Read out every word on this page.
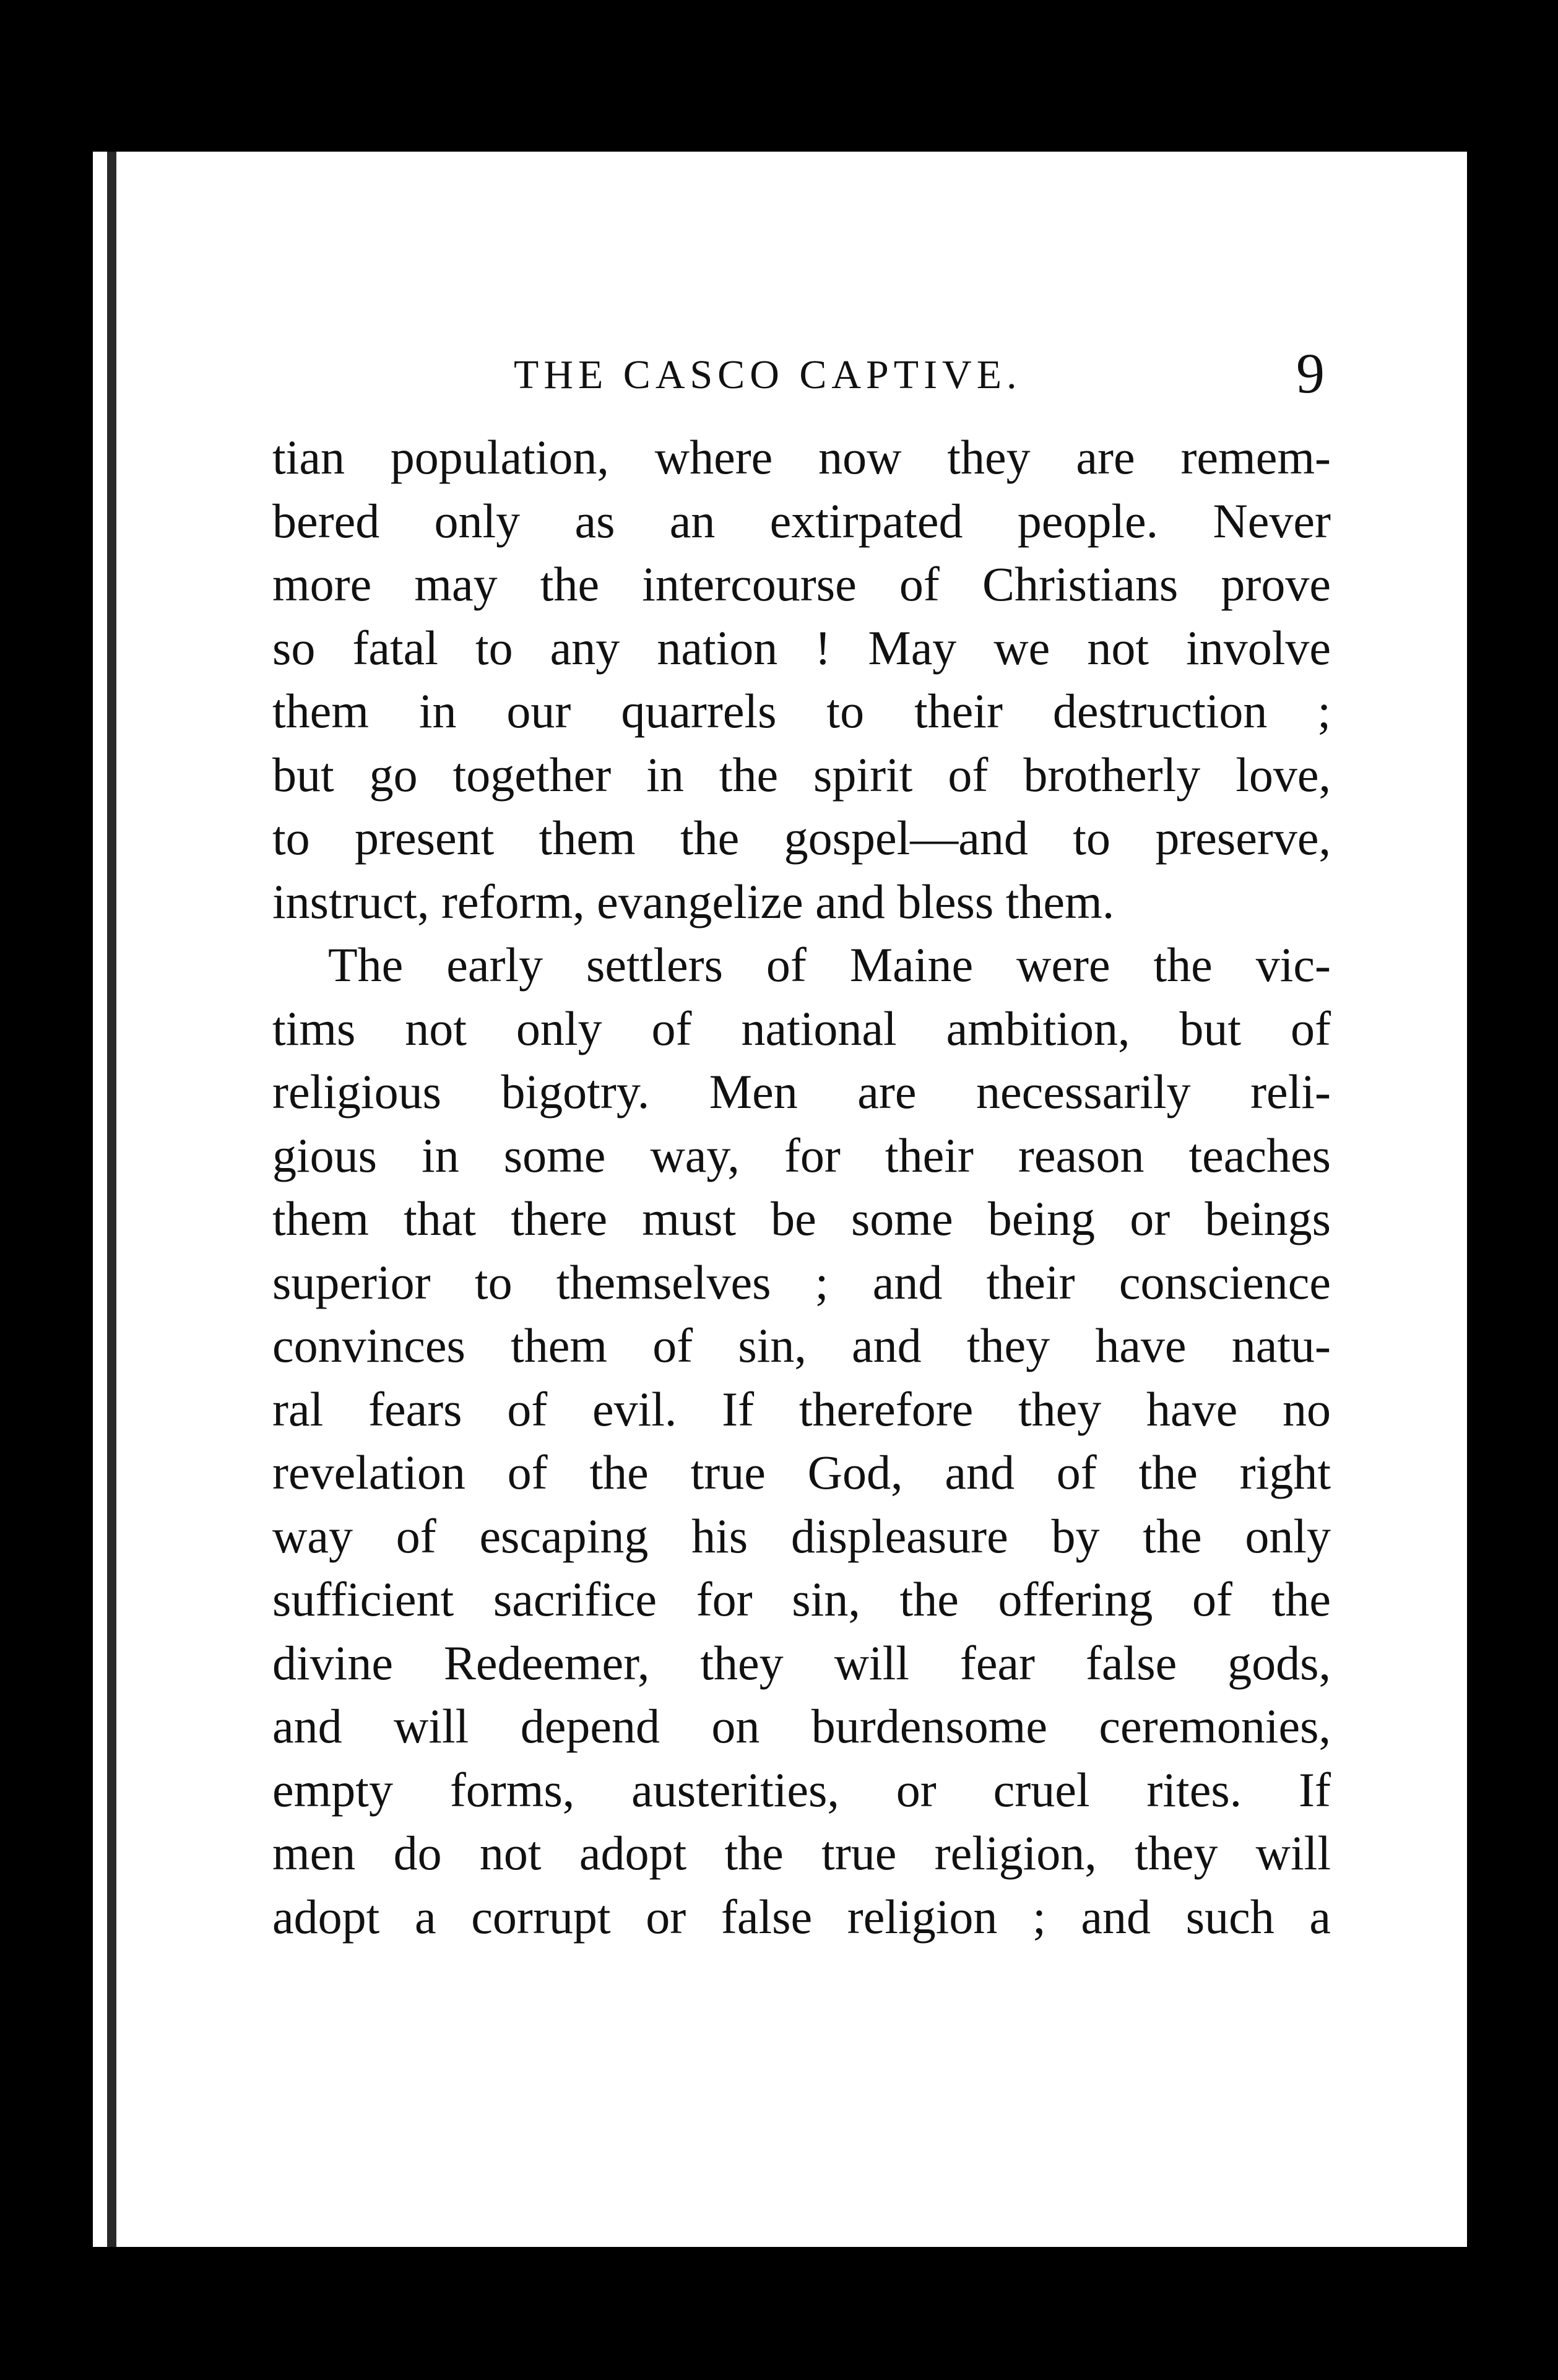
THE CASCO CAPTIVE.	9
tian population, where now they are remem-
bered only as an extirpated people. Never
more may the intercourse of Christians prove
so fatal to any nation ! May we not involve
them in our quarrels to their destruction ;
but go together in the spirit of brotherly love,
to present them the gospel—and to preserve,
instruct, reform, evangelize and bless them.
The early settlers of Maine were the vic-
tims not only of national ambition, but of
religious bigotry. Men are necessarily reli-
gious in some way, for their reason teaches
them that there must be some being or beings
superior to themselves ; and their conscience
convinces them of sin, and they have natu-
ral fears of evil. If therefore they have no
revelation of the true God, and of the right
way of escaping his displeasure by the only
sufficient sacrifice for sin, the offering of the
divine Redeemer, they will fear false gods,
and will depend on burdensome ceremonies,
empty forms, austerities, or cruel rites. If
men do not adopt the true religion, they will
adopt a corrupt or false religion ; and such a
